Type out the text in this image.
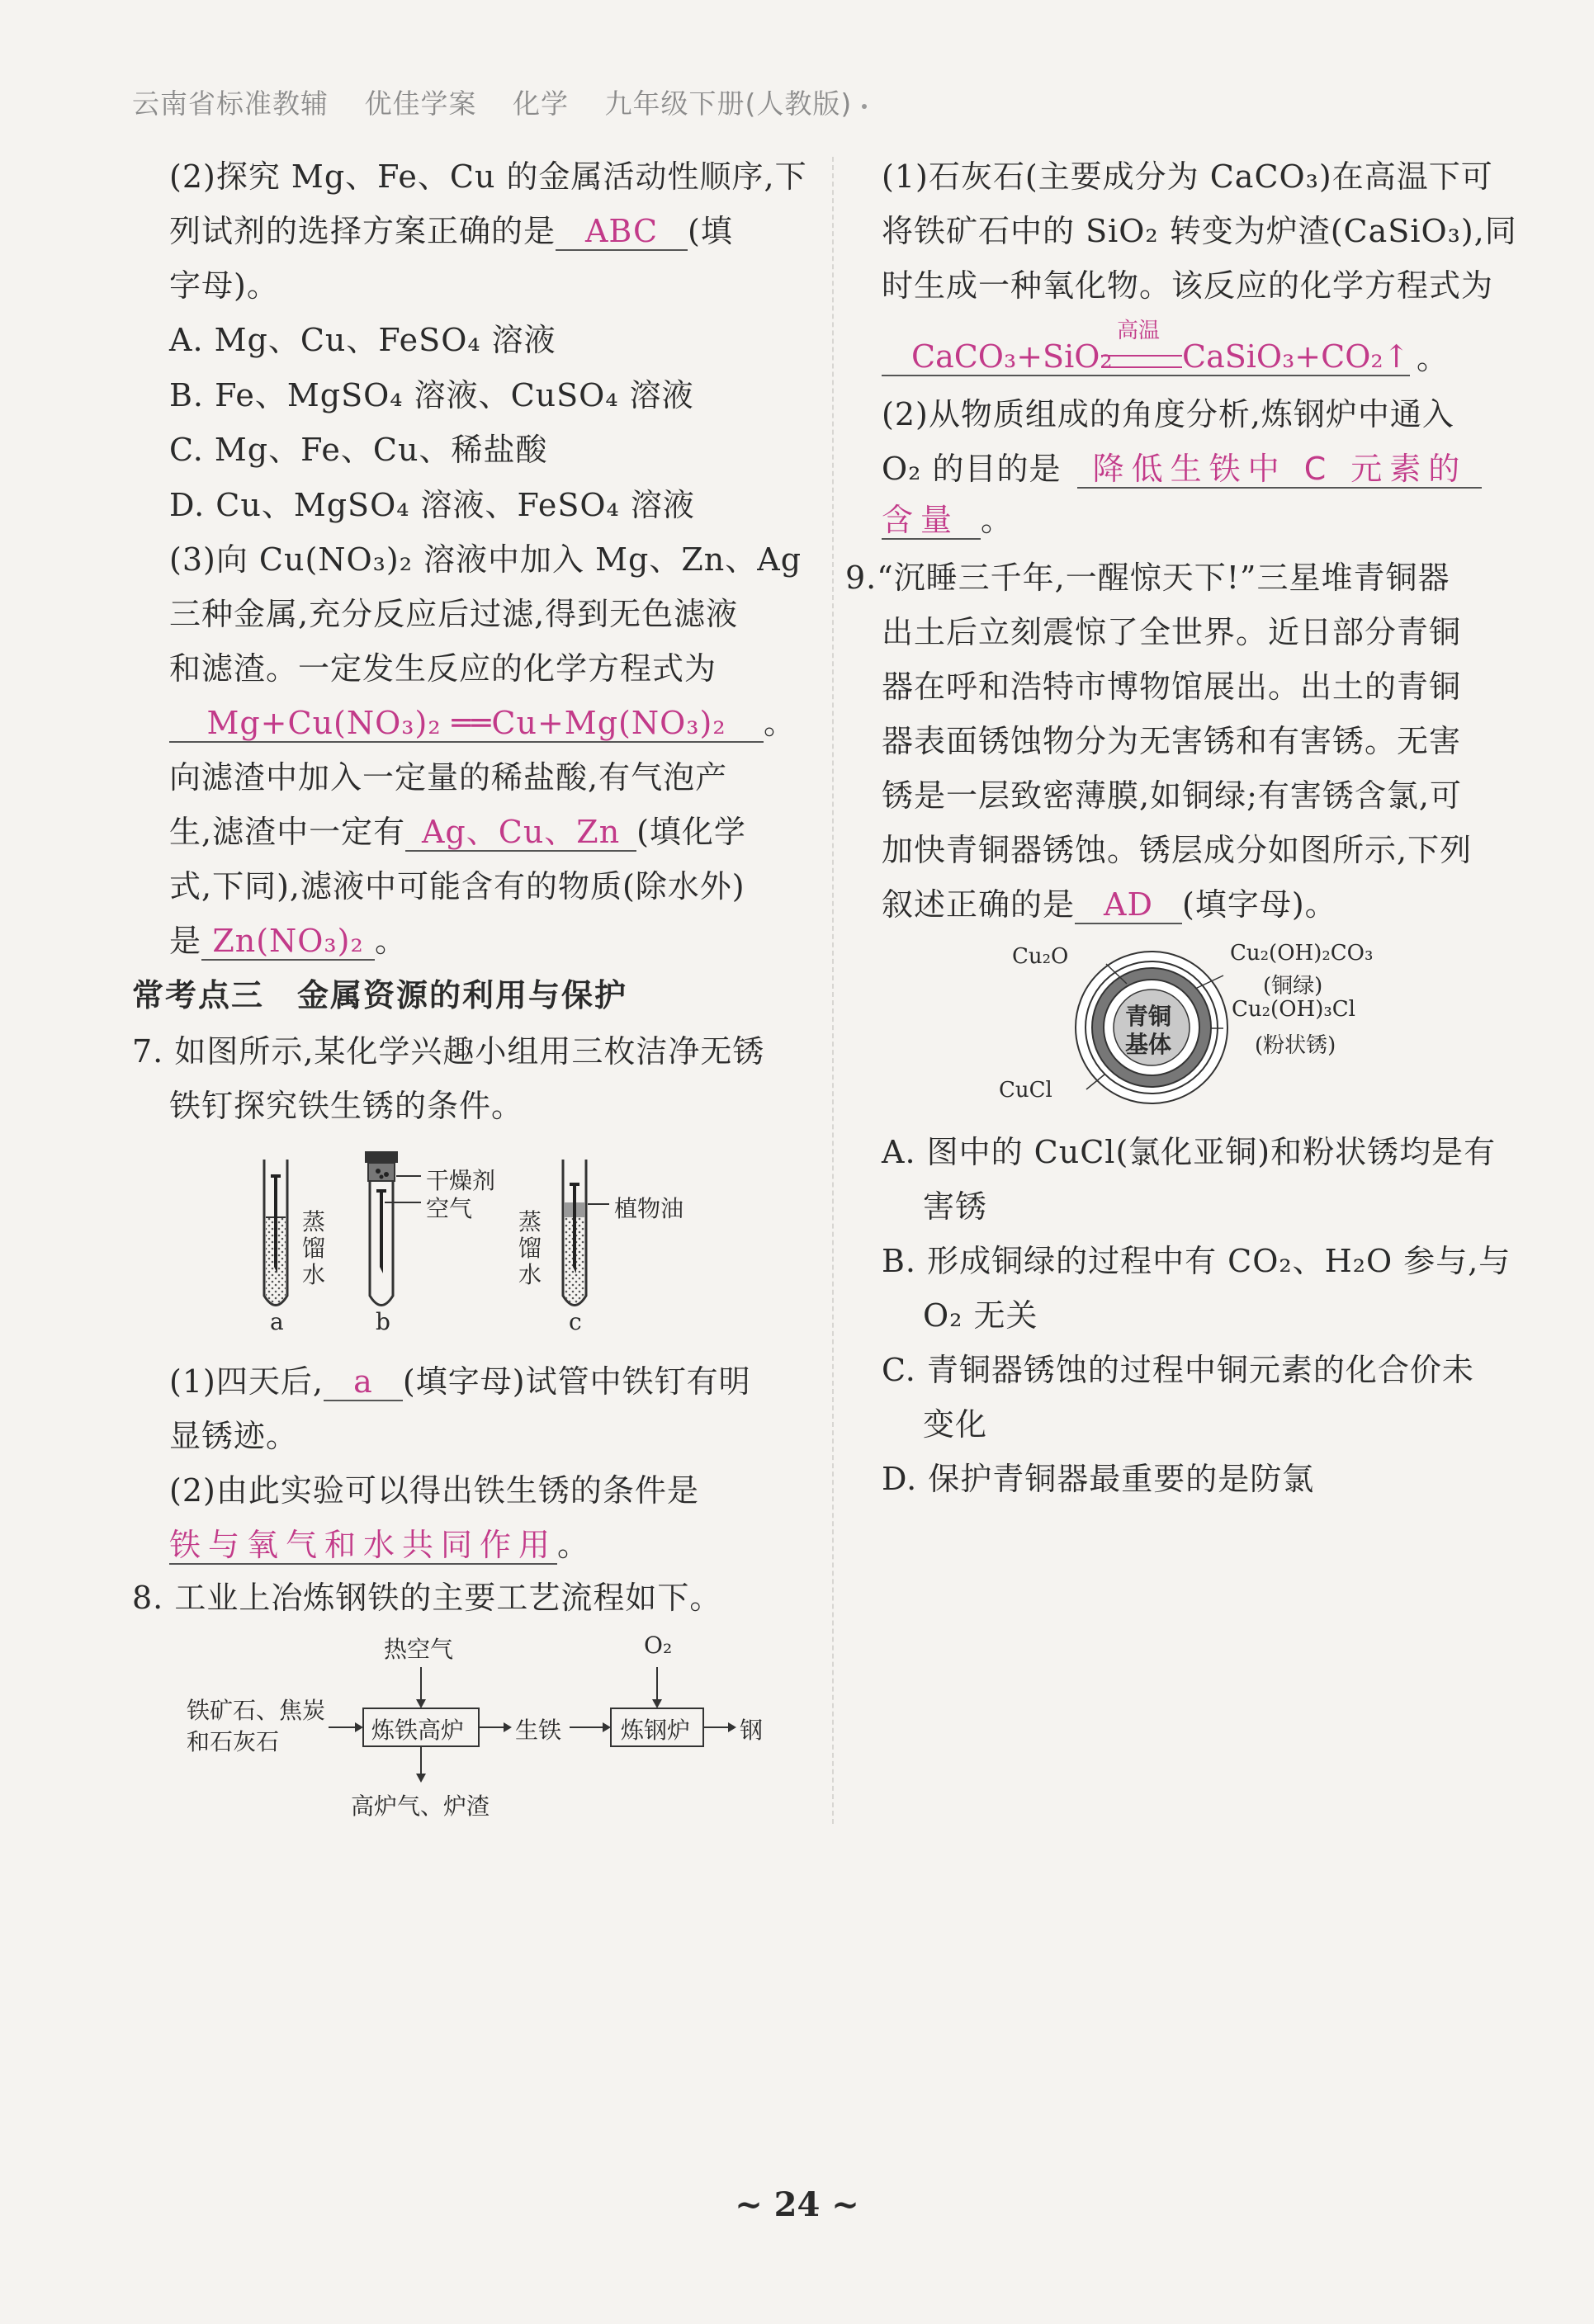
云南省标准教辅 优佳学案 化学 九年级下册(人教版)
(2)探究 Mg、Fe、Cu 的金属活动性顺序,下
列试剂的选择方案正确的是 ABC (填
字母)。
A. Mg、Cu、FeSO₄ 溶液
B. Fe、MgSO₄ 溶液、CuSO₄ 溶液
C. Mg、Fe、Cu、稀盐酸
D. Cu、MgSO₄ 溶液、FeSO₄ 溶液
(3)向 Cu(NO₃)₂ 溶液中加入 Mg、Zn、Ag
三种金属,充分反应后过滤,得到无色滤液
和滤渣。一定发生反应的化学方程式为
Mg+Cu(NO₃)₂ ══Cu+Mg(NO₃)₂ 。
向滤渣中加入一定量的稀盐酸,有气泡产
生,滤渣中一定有 Ag、Cu、Zn (填化学
式,下同),滤液中可能含有的物质(除水外)
是 Zn(NO₃)₂ 。
常考点三　金属资源的利用与保护
7. 如图所示,某化学兴趣小组用三枚洁净无锈
铁钉探究铁生锈的条件。
蒸馏水
干燥剂
空气 蒸馏水
植物油
a	b	c
(1)四天后, a (填字母)试管中铁钉有明
显锈迹。
(2)由此实验可以得出铁生锈的条件是
铁与氧气和水共同作用。
8. 工业上冶炼钢铁的主要工艺流程如下。
热空气	O₂
铁矿石、焦炭
和石灰石	炼铁高炉 生铁	炼钢炉 钢
高炉气、炉渣
(1)石灰石(主要成分为 CaCO₃)在高温下可
将铁矿石中的 SiO₂ 转变为炉渣(CaSiO₃),同
时生成一种氧化物。该反应的化学方程式为
CaCO₃+SiO₂ CaSiO₃+CO₂↑
高温
。
(2)从物质组成的角度分析,炼钢炉中通入
O₂ 的目的是 降低生铁中 C 元素的
含量 。
9.“沉睡三千年,一醒惊天下!”三星堆青铜器
出土后立刻震惊了全世界。近日部分青铜
器在呼和浩特市博物馆展出。出土的青铜
器表面锈蚀物分为无害锈和有害锈。无害
锈是一层致密薄膜,如铜绿;有害锈含氯,可
加快青铜器锈蚀。锈层成分如图所示,下列
叙述正确的是 AD (填字母)。
Cu₂O	Cu₂(OH)₂CO₃
(铜绿)
Cu₂(OH)₃Cl
(粉状锈)
CuCl
青铜
基体
A. 图中的 CuCl(氯化亚铜)和粉状锈均是有
害锈
B. 形成铜绿的过程中有 CO₂、H₂O 参与,与
O₂ 无关
C. 青铜器锈蚀的过程中铜元素的化合价未
变化
D. 保护青铜器最重要的是防氯
~ 24 ~
